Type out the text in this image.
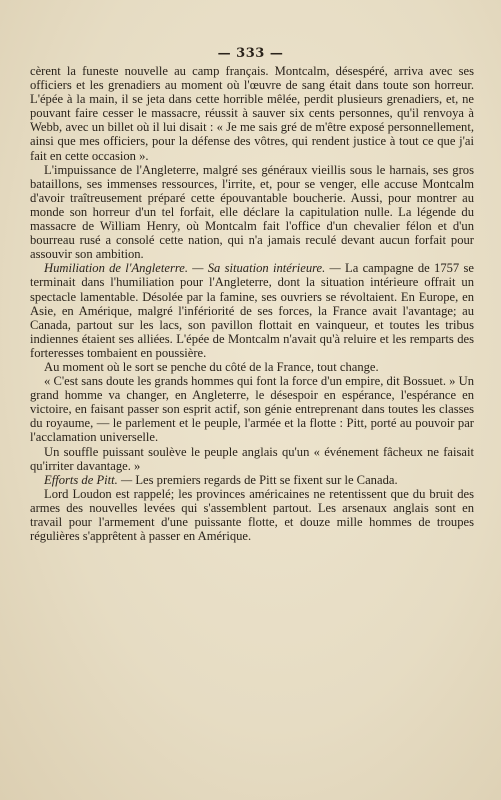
— 333 —

cèrent la funeste nouvelle au camp français. Montcalm, désespéré, arriva avec ses officiers et les grenadiers au moment où l'œuvre de sang était dans toute son horreur. L'épée à la main, il se jeta dans cette horrible mêlée, perdit plusieurs grenadiers, et, ne pouvant faire cesser le massacre, réussit à sauver six cents personnes, qu'il renvoya à Webb, avec un billet où il lui disait : « Je me sais gré de m'être exposé personnellement, ainsi que mes officiers, pour la défense des vôtres, qui rendent justice à tout ce que j'ai fait en cette occasion ».

L'impuissance de l'Angleterre, malgré ses généraux vieillis sous le harnais, ses gros bataillons, ses immenses ressources, l'irrite, et, pour se venger, elle accuse Montcalm d'avoir traîtreusement préparé cette épouvantable boucherie. Aussi, pour montrer au monde son horreur d'un tel forfait, elle déclare la capitulation nulle. La légende du massacre de William Henry, où Montcalm fait l'office d'un chevalier félon et d'un bourreau rusé a consolé cette nation, qui n'a jamais reculé devant aucun forfait pour assouvir son ambition.

Humiliation de l'Angleterre. — Sa situation intérieure. — La campagne de 1757 se terminait dans l'humiliation pour l'Angleterre, dont la situation intérieure offrait un spectacle lamentable. Désolée par la famine, ses ouvriers se révoltaient. En Europe, en Asie, en Amérique, malgré l'infériorité de ses forces, la France avait l'avantage; au Canada, partout sur les lacs, son pavillon flottait en vainqueur, et toutes les tribus indiennes étaient ses alliées. L'épée de Montcalm n'avait qu'à reluire et les remparts des forteresses tombaient en poussière.

Au moment où le sort se penche du côté de la France, tout change.

« C'est sans doute les grands hommes qui font la force d'un empire, dit Bossuet. » Un grand homme va changer, en Angleterre, le désespoir en espérance, l'espérance en victoire, en faisant passer son esprit actif, son génie entreprenant dans toutes les classes du royaume, — le parlement et le peuple, l'armée et la flotte : Pitt, porté au pouvoir par l'acclamation universelle.

Un souffle puissant soulève le peuple anglais qu'un « événement fâcheux ne faisait qu'irriter davantage. »

Efforts de Pitt. — Les premiers regards de Pitt se fixent sur le Canada.

Lord Loudon est rappelé; les provinces américaines ne retentissent que du bruit des armes des nouvelles levées qui s'assemblent partout. Les arsenaux anglais sont en travail pour l'armement d'une puissante flotte, et douze mille hommes de troupes régulières s'apprêtent à passer en Amérique.
